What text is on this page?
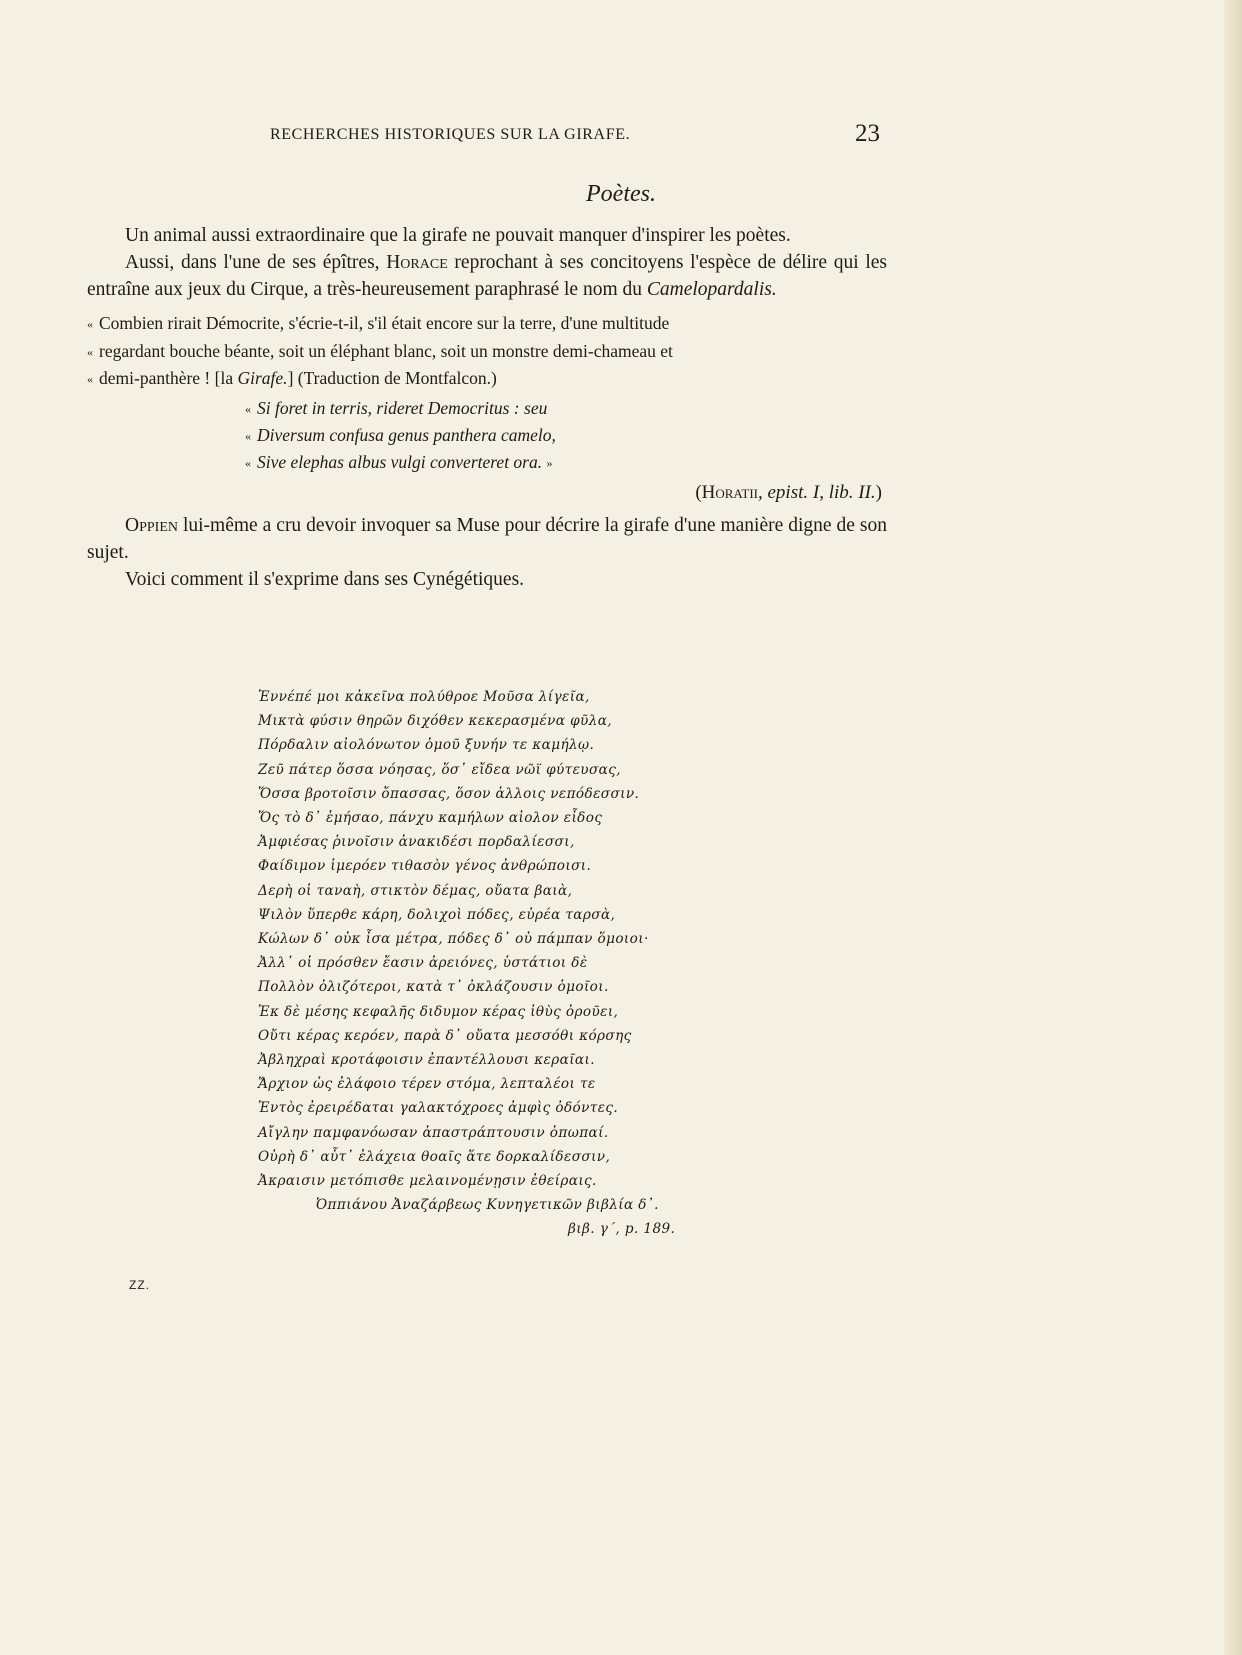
RECHERCHES HISTORIQUES SUR LA GIRAFE.	23
Poètes.

Un animal aussi extraordinaire que la girafe ne pouvait manquer d'inspirer les poètes.

Aussi, dans l'une de ses épîtres, Horace reprochant à ses concitoyens l'espèce de délire qui les entraîne aux jeux du Cirque, a très-heureusement paraphrasé le nom du Camelopardalis.

« Combien rirait Démocrite, s'écrie-t-il, s'il était encore sur la terre, d'une multitude
« regardant bouche béante, soit un éléphant blanc, soit un monstre demi-chameau et
« demi-panthère ! [la Girafe.] (Traduction de Montfalcon.)
« Si foret in terris, rideret Democritus : seu
« Diversum confusa genus panthera camelo,
« Sive elephas albus vulgi converteret ora. »
(Horatii, epist. I, lib. II.)

Oppien lui-même a cru devoir invoquer sa Muse pour décrire la girafe d'une manière digne de son sujet.

Voici comment il s'exprime dans ses Cynégétiques.

Ἐννέπέ μοι κἀκεῖνα πολύθροε Μοῦσα λίγεῖα,
Μικτὰ φύσιν θηρῶν διχόθεν κεκερασμένα φῦλα,
Πόρδαλιν αἰολόνωτον ὁμοῦ ξυνήν τε καμήλῳ.
Ζεῦ πάτερ ὅσσα νόησας, ὅσ᾽ εἴδεα νῶϊ φύτευσας,
Ὅσσα βροτοῖσιν ὄπασσας, ὅσον ἀλλοις νεπόδεσσιν.
Ὅς τὸ δ᾽ ἐμήσαο, πάνχυ καμήλων αἰολον εἶδος
Ἀμφιέσας ῥινοῖσιν ἀνακιδέσι πορδαλίεσσι,
Φαίδιμον ἱμερόεν τιθασὸν γένος ἀνθρώποισι.
Δερὴ οἱ ταναὴ, στικτὸν δέμας, οὔατα βαιὰ,
Ψιλὸν ὕπερθε κάρη, δολιχοὶ πόδες, εὐρέα ταρσὰ,
Κώλων δ᾽ οὐκ ἶσα μέτρα, πόδες δ᾽ οὐ πάμπαν ὅμοιοι·
Ἀλλ᾽ οἱ πρόσθεν ἔασιν ἀρειόνες, ὑστάτιοι δὲ
Πολλὸν ὀλιζότεροι, κατὰ τ᾽ ὀκλάζουσιν ὁμοῖοι.
Ἐκ δὲ μέσης κεφαλῆς διδυμον κέρας ἰθὺς ὀροῦει,
Οὔτι κέρας κερόεν, παρὰ δ᾽ οὔατα μεσσόθι κόρσης
Ἀβληχραὶ κροτάφοισιν ἐπαντέλλουσι κεραῖαι.
Ἄρχιον ὡς ἐλάφοιο τέρεν στόμα, λεπταλέοι τε
Ἐντὸς ἐρειρέδαται γαλακτόχροες ἀμφὶς ὀδόντες.
Αἴγλην παμφανόωσαν ἀπαστράπτουσιν ὀπωπαί.
Οὐρὴ δ᾽ αὖτ᾽ ἐλάχεια θοαῖς ἅτε δορκαλίδεσσιν,
Ἀκραισιν μετόπισθε μελαινομένῃσιν ἐθείραις.
Ὀππιάνου Ἀναζάρβεως Κυνηγετικῶν βιβλία δ᾽.
βιβ. γ´, p. 189.
ZZ.
